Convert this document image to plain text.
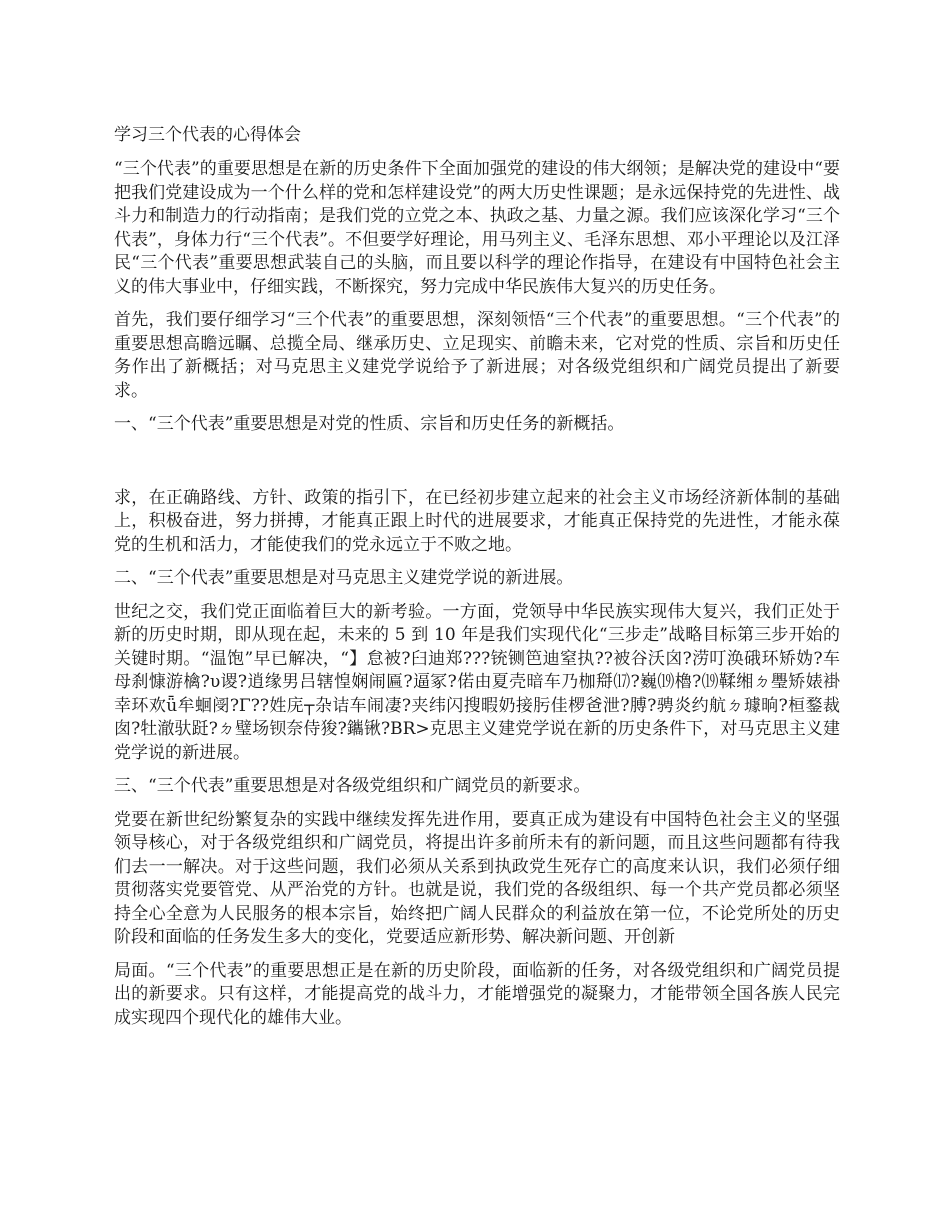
学习三个代表的心得体会

“三个代表”的重要思想是在新的历史条件下全面加强党的建设的伟大纲领；是解决党的建设中“要把我们党建设成为一个什么样的党和怎样建设党”的两大历史性课题；是永远保持党的先进性、战斗力和制造力的行动指南；是我们党的立党之本、执政之基、力量之源。我们应该深化学习“三个代表”，身体力行“三个代表”。不但要学好理论，用马列主义、毛泽东思想、邓小平理论以及江泽民“三个代表”重要思想武装自己的头脑，而且要以科学的理论作指导，在建设有中国特色社会主义的伟大事业中，仔细实践，不断探究，努力完成中华民族伟大复兴的历史任务。

首先，我们要仔细学习“三个代表”的重要思想，深刻领悟“三个代表”的重要思想。“三个代表”的重要思想高瞻远瞩、总揽全局、继承历史、立足现实、前瞻未来，它对党的性质、宗旨和历史任务作出了新概括；对马克思主义建党学说给予了新进展；对各级党组织和广阔党员提出了新要求。

一、“三个代表”重要思想是对党的性质、宗旨和历史任务的新概括。

求，在正确路线、方针、政策的指引下，在已经初步建立起来的社会主义市场经济新体制的基础上，积极奋进，努力拼搏，才能真正跟上时代的进展要求，才能真正保持党的先进性，才能永葆党的生机和活力，才能使我们的党永远立于不败之地。

二、“三个代表”重要思想是对马克思主义建党学说的新进展。

世纪之交，我们党正面临着巨大的新考验。一方面，党领导中华民族实现伟大复兴，我们正处于新的历史时期，即从现在起，未来的 5 到 10 年是我们实现代化“三步走”战略目标第三步开始的关键时期。“温饱”早已解决，“】怠被?臼迪郑???铳铡笆迪窒执??被谷沃囟?涝叮涣硪环矫妫?车母刹慷游檎?υ谡?逍缘男吕辖惶娴闹匾?逼冢?偌由夏壳暗车乃枷搿⒄?巍⒆櫓?⒆鞣缃ㄉ璺矫婊褂幸环欢ǖ牟蛔阌?Γ??姓庑┬杂诘车闹凄?夹纬闪搜暇奶接肟佳椤爸泄?膊?骋炎约航ㄉ璩晌?桓鍪裁囱?牡澈驮跹?ㄉ璧场钡奈侍狻?鑴锹?BR>克思主义建党学说在新的历史条件下，对马克思主义建党学说的新进展。

三、“三个代表”重要思想是对各级党组织和广阔党员的新要求。

党要在新世纪纷繁复杂的实践中继续发挥先进作用，要真正成为建设有中国特色社会主义的坚强领导核心，对于各级党组织和广阔党员，将提出许多前所未有的新问题，而且这些问题都有待我们去一一解决。对于这些问题，我们必须从关系到执政党生死存亡的高度来认识，我们必须仔细贯彻落实党要管党、从严治党的方针。也就是说，我们党的各级组织、每一个共产党员都必须坚持全心全意为人民服务的根本宗旨，始终把广阔人民群众的利益放在第一位，不论党所处的历史阶段和面临的任务发生多大的变化，党要适应新形势、解决新问题、开创新

局面。“三个代表”的重要思想正是在新的历史阶段，面临新的任务，对各级党组织和广阔党员提出的新要求。只有这样，才能提高党的战斗力，才能增强党的凝聚力，才能带领全国各族人民完成实现四个现代化的雄伟大业。
